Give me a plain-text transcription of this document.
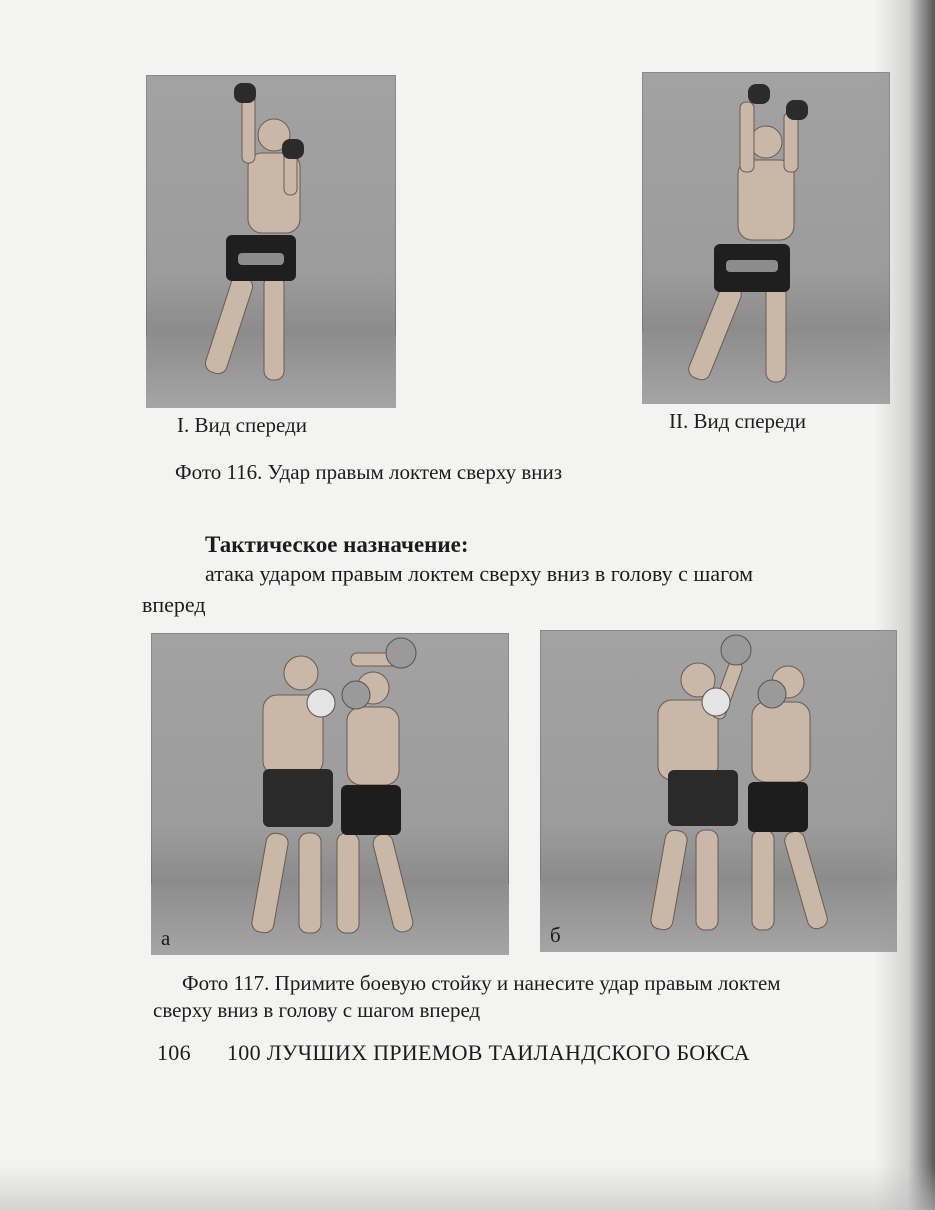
I. Вид спереди	II. Вид спереди
Фото 116. Удар правым локтем сверху вниз
Тактическое назначение:
атака ударом правым локтем сверху вниз в голову с шагом
вперед
а	б
Фото 117. Примите боевую стойку и нанесите удар правым локтем
сверху вниз в голову с шагом вперед
106 100 ЛУЧШИХ ПРИЕМОВ ТАИЛАНДСКОГО БОКСА
